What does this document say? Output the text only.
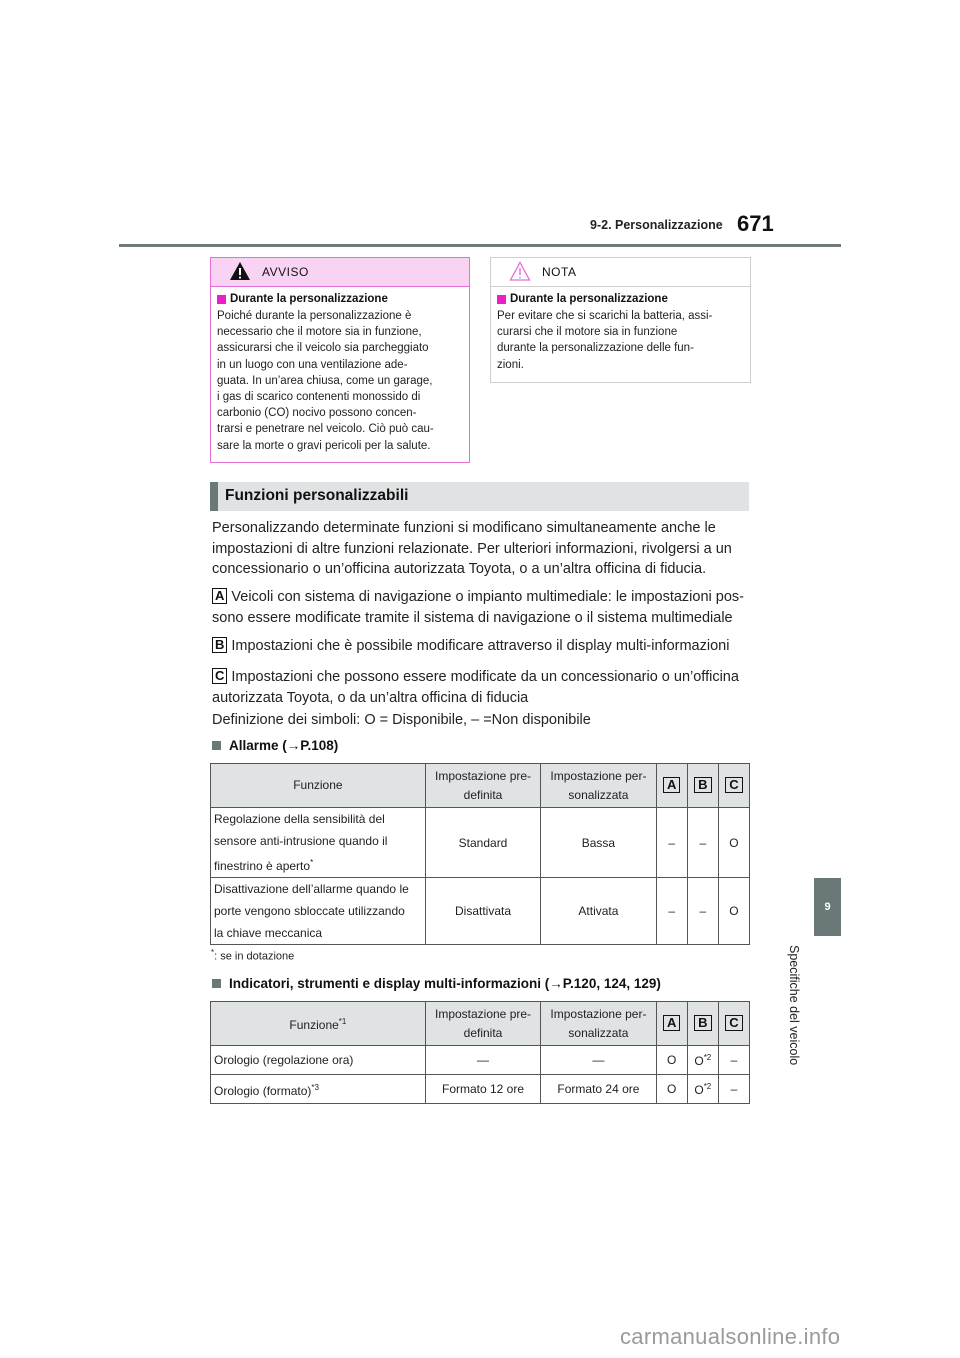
9-2. Personalizzazione 671
9
Specifiche del veicolo
AVVISO
Durante la personalizzazione
Poiché durante la personalizzazione è
necessario che il motore sia in funzione,
assicurarsi che il veicolo sia parcheggiato
in un luogo con una ventilazione ade-
guata. In un’area chiusa, come un garage,
i gas di scarico contenenti monossido di
carbonio (CO) nocivo possono concen-
trarsi e penetrare nel veicolo. Ciò può cau-
sare la morte o gravi pericoli per la salute.
NOTA
Durante la personalizzazione
Per evitare che si scarichi la batteria, assi-
curarsi che il motore sia in funzione
durante la personalizzazione delle fun-
zioni.
Funzioni personalizzabili
Personalizzando determinate funzioni si modificano simultaneamente anche le
impostazioni di altre funzioni relazionate. Per ulteriori informazioni, rivolgersi a un
concessionario o un’officina autorizzata Toyota, o a un’altra officina di fiducia.
A Veicoli con sistema di navigazione o impianto multimediale: le impostazioni pos-
sono essere modificate tramite il sistema di navigazione o il sistema multimediale
B Impostazioni che è possibile modificare attraverso il display multi-informazioni
C Impostazioni che possono essere modificate da un concessionario o un’officina
autorizzata Toyota, o da un’altra officina di fiducia
Definizione dei simboli: O = Disponibile, – =Non disponibile
Allarme (→P.108)
Funzione	
Impostazione pre-
definita

Impostazione per-
sonalizzata
	A	B	C

Regolazione della sensibilità del
sensore anti-intrusione quando il
finestrino è aperto*	Standard	Bassa	–	–	O

Disattivazione dell’allarme quando le
porte vengono sbloccate utilizzando
la chiave meccanica	Disattivata	Attivata	–	–	O
*: se in dotazione
Indicatori, strumenti e display multi-informazioni (→P.120, 124, 129)
Funzione$^{*1}$	
Impostazione pre-
definita

Impostazione per-
sonalizzata
	A	B	C
Orologio (regolazione ora)	—	—	O	$O^{*2}$	–
Orologio (formato)$^{*3}$	Formato 12 ore	Formato 24 ore	O	$O^{*2}$	–
carmanualsonline.info
